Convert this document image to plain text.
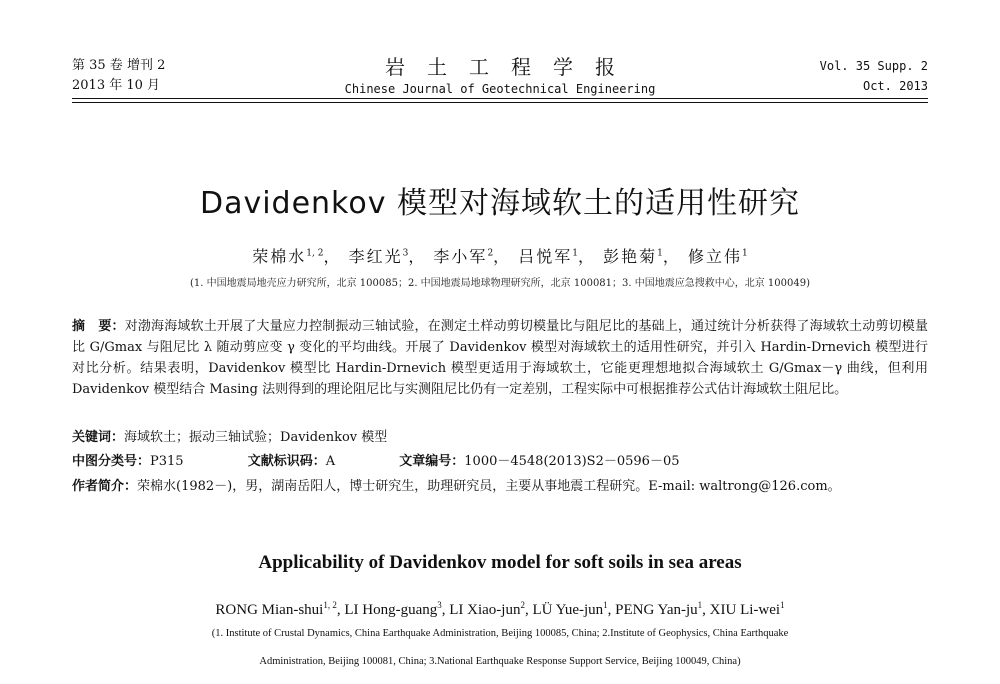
第 35 卷 增刊 2
2013 年 10 月
岩土工程学报
Chinese Journal of Geotechnical Engineering
Vol. 35 Supp. 2
Oct. 2013
Davidenkov 模型对海域软土的适用性研究
荣棉水$^{1, 2}$， 李红光$^3$， 李小军$^2$， 吕悦军$^1$， 彭艳菊$^1$， 修立伟$^1$
(1. 中国地震局地壳应力研究所，北京 100085；2. 中国地震局地球物理研究所，北京 100081；3. 中国地震应急搜救中心，北京 100049)
摘　要：对渤海海域软土开展了大量应力控制振动三轴试验，在测定土样动剪切模量比与阻尼比的基础上，通过统计分析获得了海域软土动剪切模量比 G/Gmax 与阻尼比 λ 随动剪应变 γ 变化的平均曲线。开展了 Davidenkov 模型对海域软土的适用性研究，并引入 Hardin-Drnevich 模型进行对比分析。结果表明，Davidenkov 模型比 Hardin-Drnevich 模型更适用于海域软土，它能更理想地拟合海域软土 G/Gmax－γ 曲线，但利用 Davidenkov 模型结合 Masing 法则得到的理论阻尼比与实测阻尼比仍有一定差别，工程实际中可根据推荐公式估计海域软土阻尼比。
关键词：海域软土；振动三轴试验；Davidenkov 模型
中图分类号：P315	文献标识码：A	文章编号：1000－4548(2013)S2－0596－05
作者简介：荣棉水(1982－)，男，湖南岳阳人，博士研究生，助理研究员，主要从事地震工程研究。E-mail: waltrong@126.com。
Applicability of Davidenkov model for soft soils in sea areas
RONG Mian-shui$^{1, 2}$, LI Hong-guang$^3$, LI Xiao-jun$^2$, LÜ Yue-jun$^1$, PENG Yan-$ju^1$, XIU Li-wei$^1$
(1. Institute of Crustal Dynamics, China Earthquake Administration, Beijing 100085, China; 2.Institute of Geophysics, China Earthquake
Administration, Beijing 100081, China; 3.National Earthquake Response Support Service, Beijing 100049, China)
